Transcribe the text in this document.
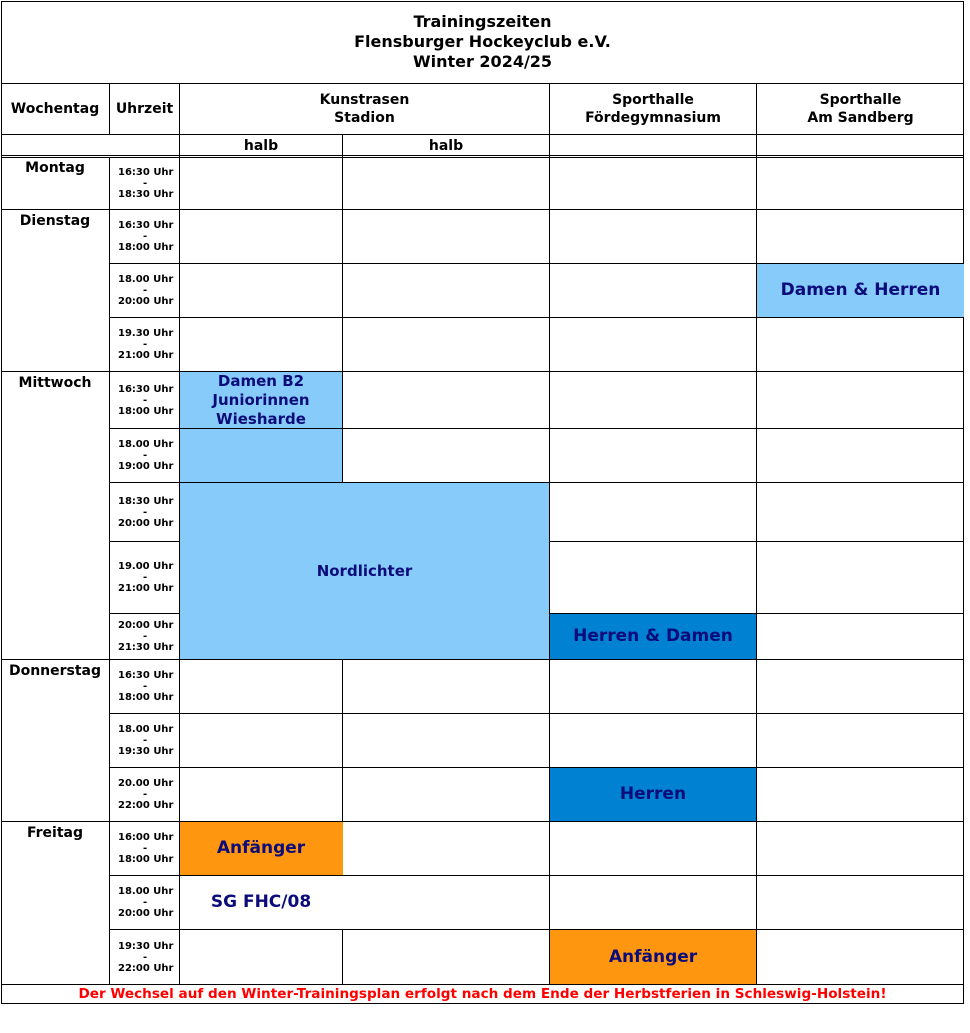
Trainingszeiten
Flensburger Hockeyclub e.V.
Winter 2024/25
Wochentag Uhrzeit
Kunstrasen
Stadion
Sporthalle
Fördegymnasium
Sporthalle
Am Sandberg
halb	halb
Montag
Dienstag
Mittwoch
Donnerstag
Freitag
16:30 Uhr
-
18:30 Uhr
16:30 Uhr
-
18:00 Uhr
18.00 Uhr
-
20:00 Uhr
19.30 Uhr
-
21:00 Uhr
16:30 Uhr
-
18:00 Uhr
18.00 Uhr
-
19:00 Uhr
18:30 Uhr
-
20:00 Uhr
19.00 Uhr
-
21:00 Uhr
20:00 Uhr
-
21:30 Uhr
16:30 Uhr
-
18:00 Uhr
18.00 Uhr
-
19:30 Uhr
20.00 Uhr
-
22:00 Uhr
16:00 Uhr
-
18:00 Uhr
18.00 Uhr
-
20:00 Uhr
19:30 Uhr
-
22:00 Uhr
Damen & Herren
Damen B2
Juniorinnen
Wiesharde
Nordlichter
Herren & Damen
Herren
Anfänger
SG FHC/08
Anfänger
Der Wechsel auf den Winter-Trainingsplan erfolgt nach dem Ende der Herbstferien in Schleswig-Holstein!
